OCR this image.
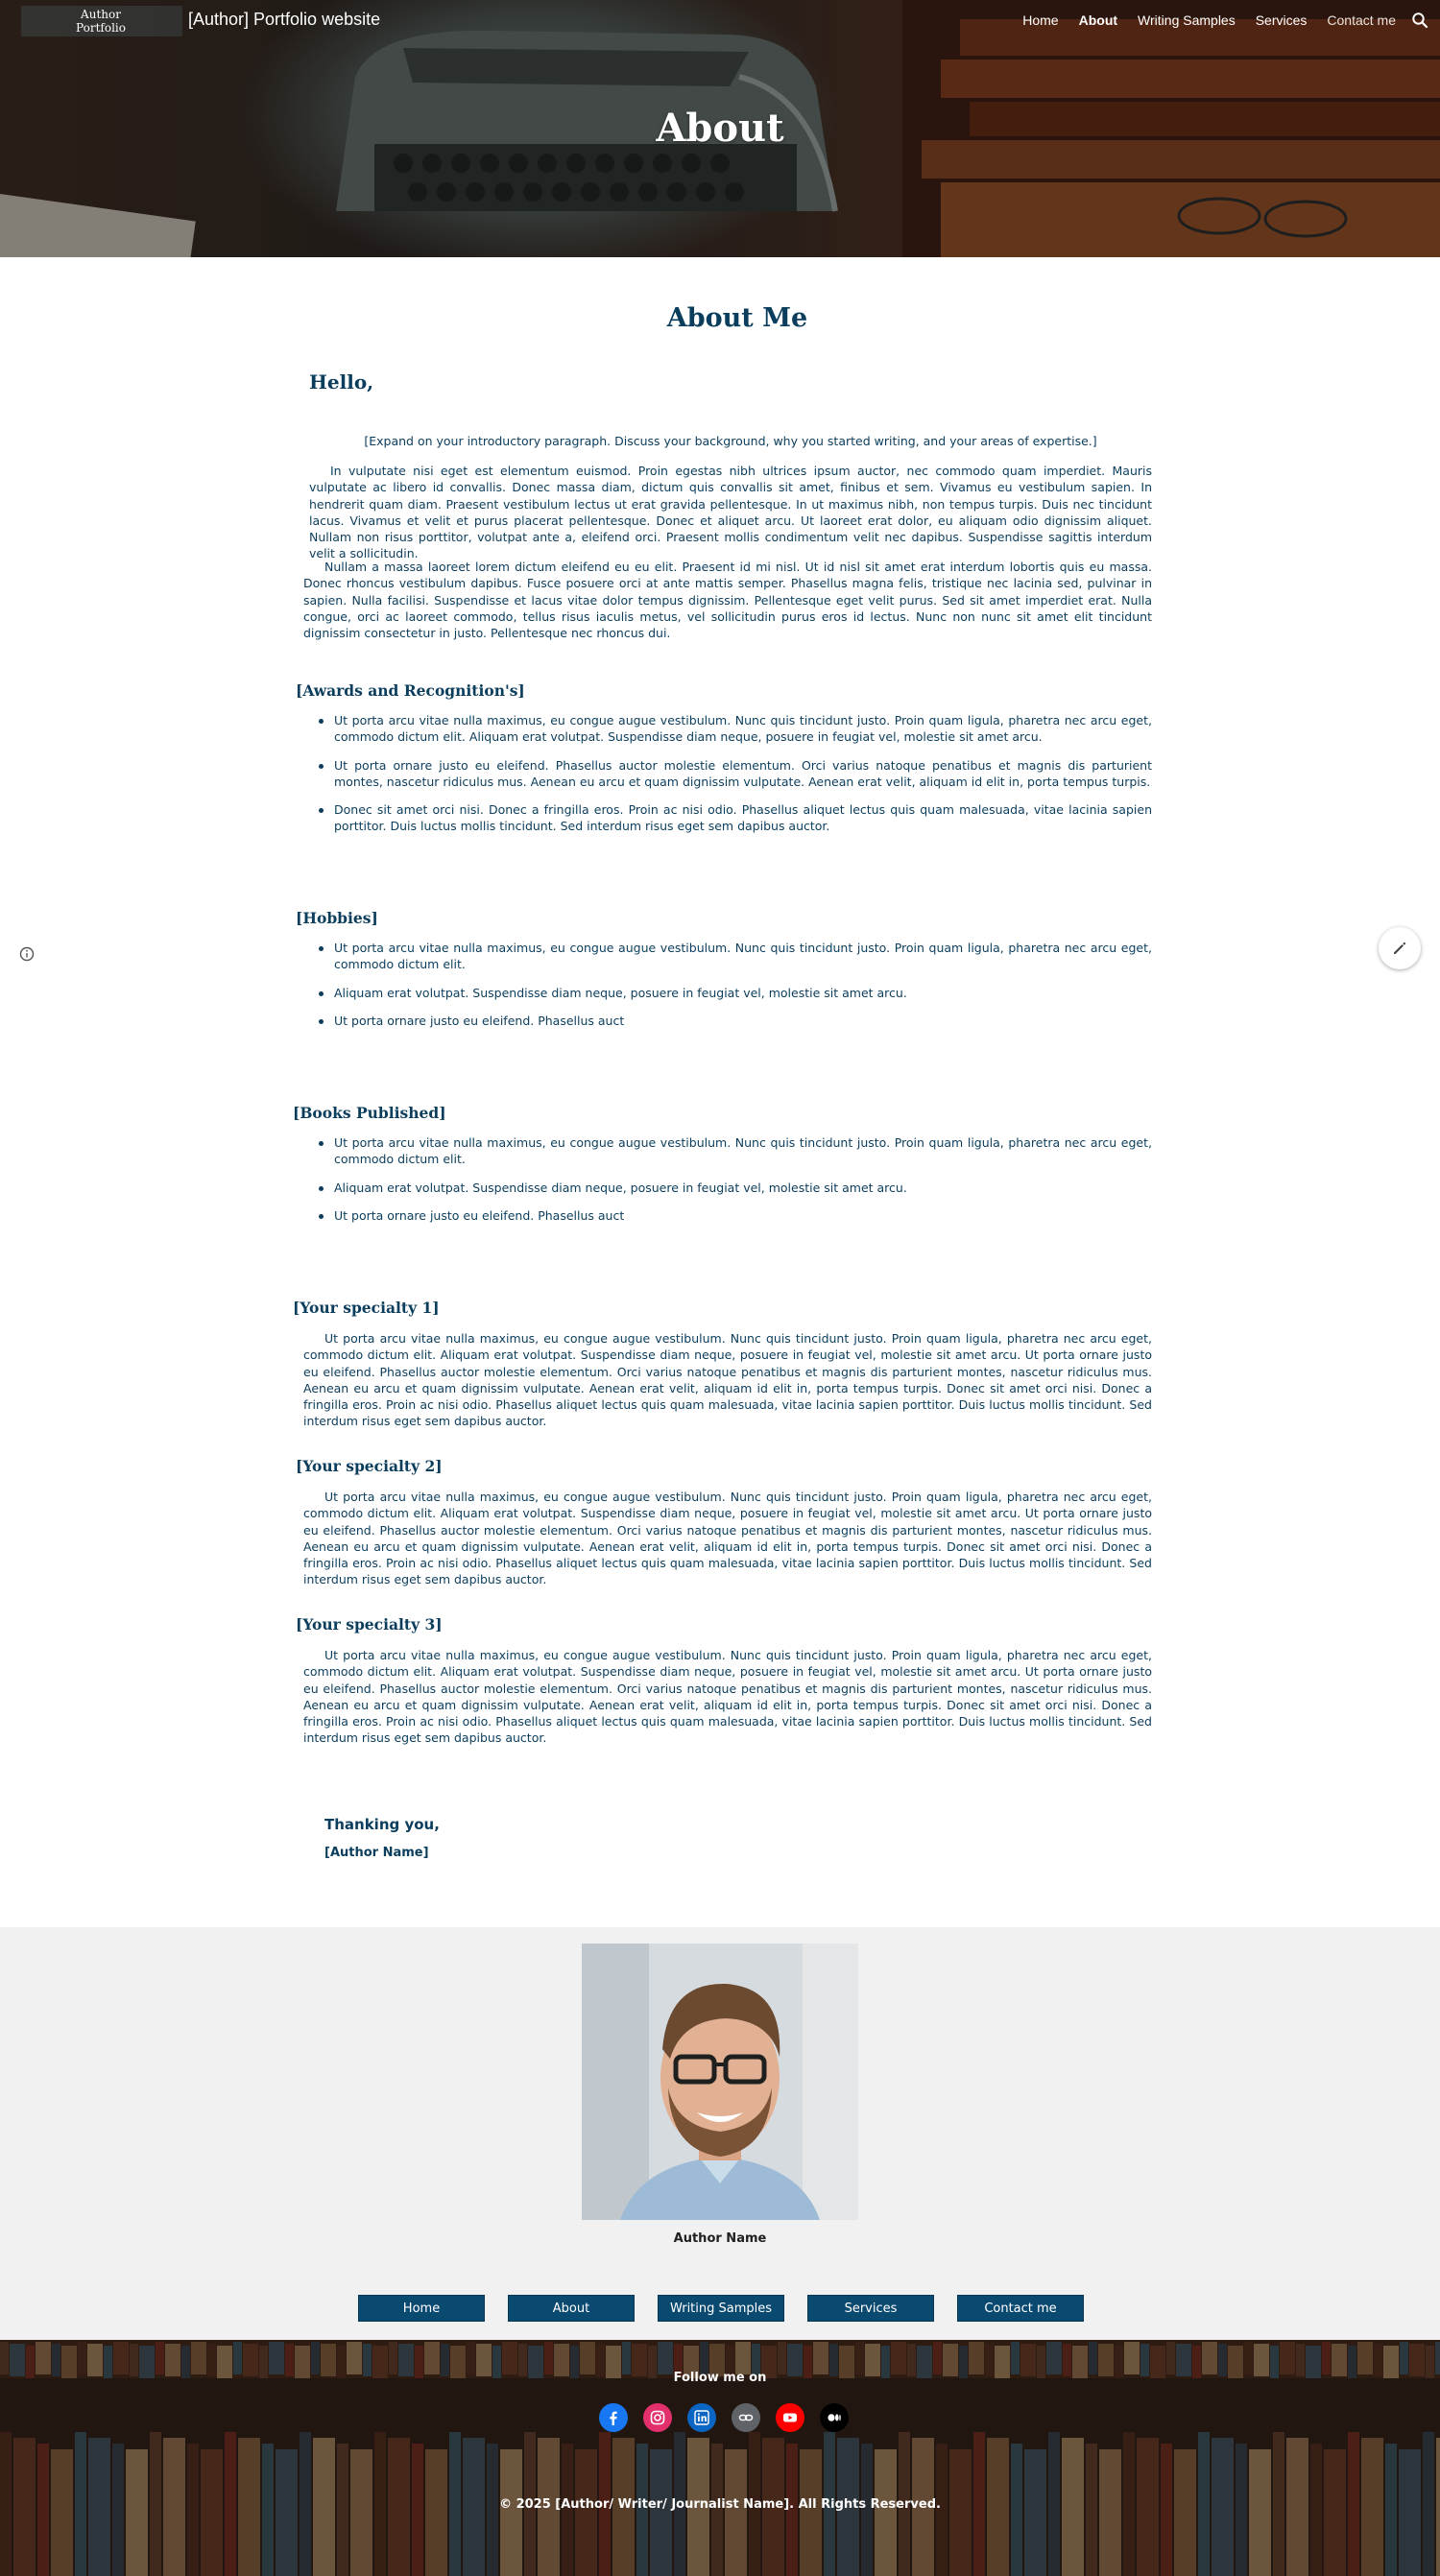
Author
Portfolio	[Author] Portfolio website	Home About Writing Samples Services Contact me
About
About Me
Hello,
[Expand on your introductory paragraph. Discuss your background, why you started writing, and your areas of expertise.]

In vulputate nisi eget est elementum euismod. Proin egestas nibh ultrices ipsum auctor, nec commodo quam imperdiet. Mauris vulputate ac libero id convallis. Donec massa diam, dictum quis convallis sit amet, finibus et sem. Vivamus eu vestibulum sapien. In hendrerit quam diam. Praesent vestibulum lectus ut erat gravida pellentesque. In ut maximus nibh, non tempus turpis. Duis nec tincidunt lacus. Vivamus et velit et purus placerat pellentesque. Donec et aliquet arcu. Ut laoreet erat dolor, eu aliquam odio dignissim aliquet. Nullam non risus porttitor, volutpat ante a, eleifend orci. Praesent mollis condimentum velit nec dapibus. Suspendisse sagittis interdum velit a sollicitudin.

Nullam a massa laoreet lorem dictum eleifend eu eu elit. Praesent id mi nisl. Ut id nisl sit amet erat interdum lobortis quis eu massa. Donec rhoncus vestibulum dapibus. Fusce posuere orci at ante mattis semper. Phasellus magna felis, tristique nec lacinia sed, pulvinar in sapien. Nulla facilisi. Suspendisse et lacus vitae dolor tempus dignissim. Pellentesque eget velit purus. Sed sit amet imperdiet erat. Nulla congue, orci ac laoreet commodo, tellus risus iaculis metus, vel sollicitudin purus eros id lectus. Nunc non nunc sit amet elit tincidunt dignissim consectetur in justo. Pellentesque nec rhoncus dui.

[Awards and Recognition's]
Ut porta arcu vitae nulla maximus, eu congue augue vestibulum. Nunc quis tincidunt justo. Proin quam ligula, pharetra nec arcu eget, commodo dictum elit. Aliquam erat volutpat. Suspendisse diam neque, posuere in feugiat vel, molestie sit amet arcu.
Ut porta ornare justo eu eleifend. Phasellus auctor molestie elementum. Orci varius natoque penatibus et magnis dis parturient montes, nascetur ridiculus mus. Aenean eu arcu et quam dignissim vulputate. Aenean erat velit, aliquam id elit in, porta tempus turpis.
Donec sit amet orci nisi. Donec a fringilla eros. Proin ac nisi odio. Phasellus aliquet lectus quis quam malesuada, vitae lacinia sapien porttitor. Duis luctus mollis tincidunt. Sed interdum risus eget sem dapibus auctor.
[Hobbies]
Ut porta arcu vitae nulla maximus, eu congue augue vestibulum. Nunc quis tincidunt justo. Proin quam ligula, pharetra nec arcu eget, commodo dictum elit.
Aliquam erat volutpat. Suspendisse diam neque, posuere in feugiat vel, molestie sit amet arcu.
Ut porta ornare justo eu eleifend. Phasellus auct
[Books Published]
Ut porta arcu vitae nulla maximus, eu congue augue vestibulum. Nunc quis tincidunt justo. Proin quam ligula, pharetra nec arcu eget, commodo dictum elit.
Aliquam erat volutpat. Suspendisse diam neque, posuere in feugiat vel, molestie sit amet arcu.
Ut porta ornare justo eu eleifend. Phasellus auct
[Your specialty 1]

Ut porta arcu vitae nulla maximus, eu congue augue vestibulum. Nunc quis tincidunt justo. Proin quam ligula, pharetra nec arcu eget, commodo dictum elit. Aliquam erat volutpat. Suspendisse diam neque, posuere in feugiat vel, molestie sit amet arcu. Ut porta ornare justo eu eleifend. Phasellus auctor molestie elementum. Orci varius natoque penatibus et magnis dis parturient montes, nascetur ridiculus mus. Aenean eu arcu et quam dignissim vulputate. Aenean erat velit, aliquam id elit in, porta tempus turpis. Donec sit amet orci nisi. Donec a fringilla eros. Proin ac nisi odio. Phasellus aliquet lectus quis quam malesuada, vitae lacinia sapien porttitor. Duis luctus mollis tincidunt. Sed interdum risus eget sem dapibus auctor.

[Your specialty 2]

Ut porta arcu vitae nulla maximus, eu congue augue vestibulum. Nunc quis tincidunt justo. Proin quam ligula, pharetra nec arcu eget, commodo dictum elit. Aliquam erat volutpat. Suspendisse diam neque, posuere in feugiat vel, molestie sit amet arcu. Ut porta ornare justo eu eleifend. Phasellus auctor molestie elementum. Orci varius natoque penatibus et magnis dis parturient montes, nascetur ridiculus mus. Aenean eu arcu et quam dignissim vulputate. Aenean erat velit, aliquam id elit in, porta tempus turpis. Donec sit amet orci nisi. Donec a fringilla eros. Proin ac nisi odio. Phasellus aliquet lectus quis quam malesuada, vitae lacinia sapien porttitor. Duis luctus mollis tincidunt. Sed interdum risus eget sem dapibus auctor.

[Your specialty 3]

Ut porta arcu vitae nulla maximus, eu congue augue vestibulum. Nunc quis tincidunt justo. Proin quam ligula, pharetra nec arcu eget, commodo dictum elit. Aliquam erat volutpat. Suspendisse diam neque, posuere in feugiat vel, molestie sit amet arcu. Ut porta ornare justo eu eleifend. Phasellus auctor molestie elementum. Orci varius natoque penatibus et magnis dis parturient montes, nascetur ridiculus mus. Aenean eu arcu et quam dignissim vulputate. Aenean erat velit, aliquam id elit in, porta tempus turpis. Donec sit amet orci nisi. Donec a fringilla eros. Proin ac nisi odio. Phasellus aliquet lectus quis quam malesuada, vitae lacinia sapien porttitor. Duis luctus mollis tincidunt. Sed interdum risus eget sem dapibus auctor.

Thanking you,
[Author Name]
Author Name
Home	About	Writing Samples	Services	Contact me
Follow me on
© 2025 [Author/ Writer/ Journalist Name]. All Rights Reserved.
